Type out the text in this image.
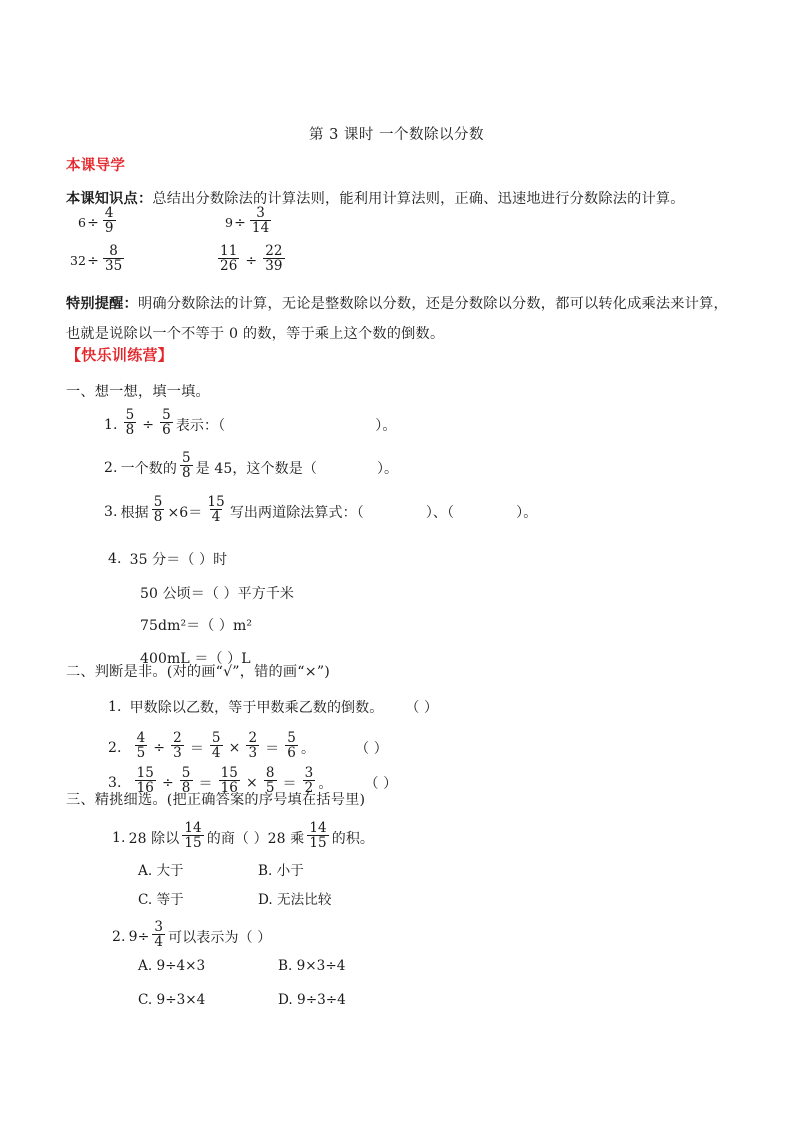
第 3 课时 一个数除以分数
本课导学
本课知识点：总结出分数除法的计算法则，能利用计算法则，正确、迅速地进行分数除法的计算。
$6 \div \frac{4}{9}$	$9 \div \frac{3}{14}$
$32 \div \frac{8}{35}$	$\frac{11}{26} \div \frac{22}{39}$
特别提醒：明确分数除法的计算，无论是整数除以分数，还是分数除以分数，都可以转化成乘法来计算，
也就是说除以一个不等于 0 的数，等于乘上这个数的倒数。
【快乐训练营】
一、想一想，填一填。
1. $\frac{5}{8} \div \frac{5}{6}$ 表示：（	）。
2. 一个数的 $\frac{5}{8}$ 是 45，这个数是（	）。
3. 根据 $\frac{5}{8} \times 6= \frac{15}{4}$ 写出两道除法算式：（	）、（	）。
4. 35 分＝（ ）时
50 公顷＝（ ）平方千米
75dm²＝（ ）m²
400mL ＝（ ）L
二、判断是非。(对的画“√”，错的画“×”)
1. 甲数除以乙数，等于甲数乘乙数的倒数。 （ ）
2. $\frac{4}{5} \div \frac{2}{3} = \frac{5}{4} \times \frac{2}{3} = \frac{5}{6}$ 。	（ ）
3. $\frac{15}{16} \div \frac{5}{8} = \frac{15}{16} \times \frac{8}{5} = \frac{3}{2}$ 。 （ ）
三、精挑细选。(把正确答案的序号填在括号里)
1. 28 除以 $\frac{14}{15}$ 的商（ ）28 乘 $\frac{14}{15}$ 的积。
A. 大于	B. 小于
C. 等于	D. 无法比较
2. $9\div \frac{3}{4}$ 可以表示为（ ）
A. 9÷4×3	B. 9×3÷4
C. 9÷3×4	D. 9÷3÷4
